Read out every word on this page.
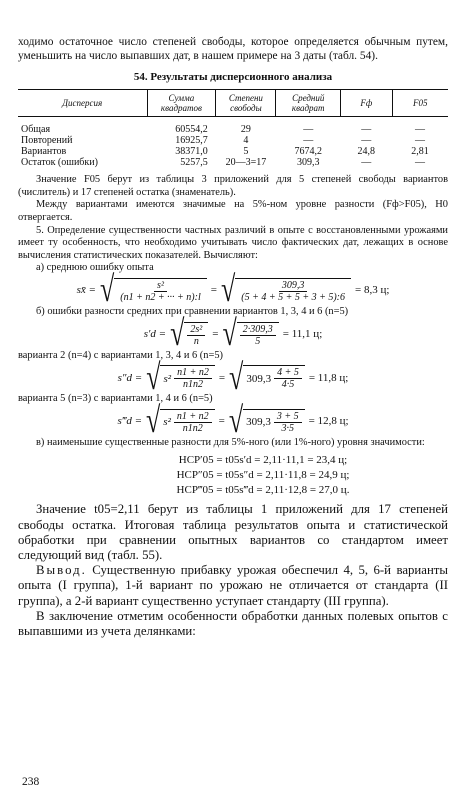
ходимо остаточное число степеней свободы, которое определяется обычным путем, уменьшить на число выпавших дат, в нашем примере на 3 даты (табл. 54).

54. Результаты дисперсионного анализа
Дисперсия	Сумма квадратов	Степени свободы	Средний квадрат	Fф	F05
Общая	60554,2	29	—	—	—
Повторений	16925,7	4	—	—	—
Вариантов	38371,0	5	7674,2	24,8	2,81
Остаток (ошибки)	5257,5	20—3=17	309,3	—	—

Значение F05 берут из таблицы 3 приложений для 5 степеней свободы вариантов (числитель) и 17 степеней остатка (знаменатель).

Между вариантами имеются значимые на 5%-ном уровне разности (Fф>F05), H0 отвергается.

5. Определение существенности частных различий в опыте с восстановленными урожаями имеет ту особенность, что необходимо учитывать число фактических дат, лежащих в основе вычисления статистических показателей. Вычисляют:

а) среднюю ошибку опыта

sx̄ = √ $\frac{\text{s²}}{(n1 + n2 + \cdot\cdot\cdot + n):l}$ = √ $\frac{309,3}{(5 + 4 + 5 + 5 + 3 + 5):6} = 8,3$ ц;

б) ошибки разности средних при сравнении вариантов 1, 3, 4 и 6 (n=5)

s′d = √ $\frac{\text{2s²}}{n}$ = √ $\frac{2\cdot 309,3}{5} = 11,1$ ц;

варианта 2 (n=4) с вариантами 1, 3, 4 и 6 (n=5)

s″d = √ $s^2 \frac{n1 + n2}{n1n2}$ = √ $309,3 \frac{4 + 5}{4\cdot 5} = 11,8$ ц;

варианта 5 (n=3) с вариантами 1, 4 и 6 (n=5)

s‴d = √ $s^2 \frac{n1 + n2}{n1n2}$ = √ $309,3 \frac{3 + 5}{3\cdot 5} = 12,8$ ц;

в) наименьшие существенные разности для 5%-ного (или 1%-ного) уровня значимости:

НСР′05 = t05s′d = 2,11·11,1 = 23,4 ц;
НСР″05 = t05s″d = 2,11·11,8 = 24,9 ц;
НСР‴05 = t05s‴d = 2,11·12,8 = 27,0 ц.

Значение t05=2,11 берут из таблицы 1 приложений для 17 степеней свободы остатка. Итоговая таблица результатов опыта и статистической обработки при сравнении опытных вариантов со стандартом имеет следующий вид (табл. 55).

Вывод. Существенную прибавку урожая обеспечил 4, 5, 6-й варианты опыта (I группа), 1-й вариант по урожаю не отличается от стандарта (II группа), а 2-й вариант существенно уступает стандарту (III группа).

В заключение отметим особенности обработки данных полевых опытов с выпавшими из учета делянками:

238
